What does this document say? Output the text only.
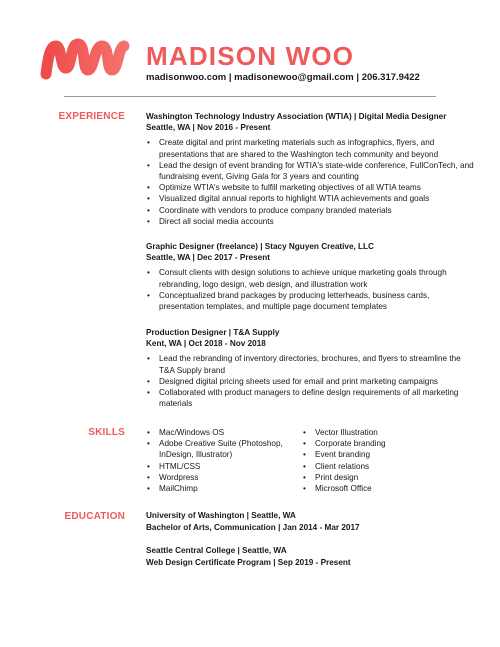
MADISON WOO
madisonwoo.com | madisonewoo@gmail.com | 206.317.9422
EXPERIENCE	Washington Technology Industry Association (WTIA) | Digital Media Designer
Seattle, WA | Nov 2016 - Present
• Create digital and print marketing materials such as infographics, flyers, and presentations that are shared to the Washington tech community and beyond
• Lead the design of event branding for WTIA's state-wide conference, FullConTech, and fundraising event, Giving Gala for 3 years and counting
• Optimize WTIA's website to fulfill marketing objectives of all WTIA teams
• Visualized digital annual reports to highlight WTIA achievements and goals
• Coordinate with vendors to produce company branded materials
• Direct all social media accounts
Graphic Designer (freelance) | Stacy Nguyen Creative, LLC
Seattle, WA | Dec 2017 - Present
• Consult clients with design solutions to achieve unique marketing goals through rebranding, logo design, web design, and illustration work
• Conceptualized brand packages by producing letterheads, business cards, presentation templates, and multiple page document templates
Production Designer | T&A Supply
Kent, WA | Oct 2018 - Nov 2018
• Lead the rebranding of inventory directories, brochures, and flyers to streamline the T&A Supply brand
• Designed digital pricing sheets used for email and print marketing campaigns
• Collaborated with product managers to define design requirements of all marketing materials
SKILLS
•	Mac/Windows OS
• Adobe Creative Suite (Photoshop, InDesign, Illustrator)
• HTML/CSS
• Wordpress
• MailChimp
• Vector Illustration
• Corporate branding
• Event branding
• Client relations
• Print design
• Microsoft Office
EDUCATION	University of Washington | Seattle, WA
Bachelor of Arts, Communication | Jan 2014 - Mar 2017
Seattle Central College | Seattle, WA
Web Design Certificate Program | Sep 2019 - Present
